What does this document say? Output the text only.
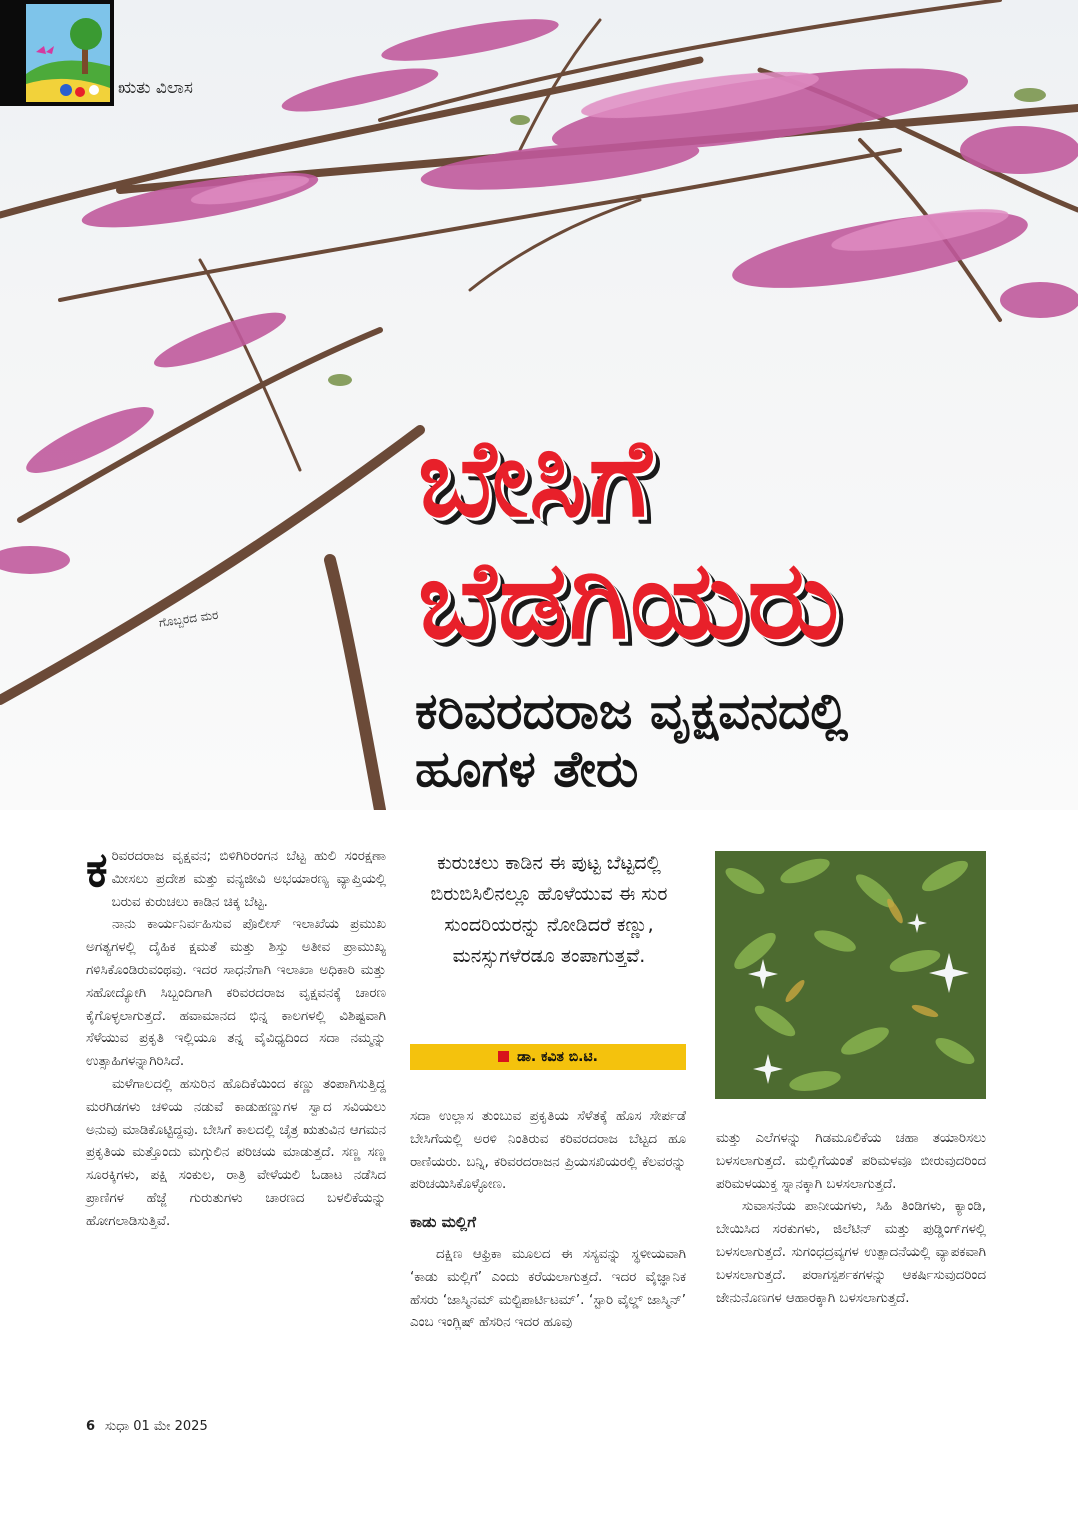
ಋತು ವಿಲಾಸ
ಗೊಬ್ಬರದ ಮರ
ಬೇಸಿಗೆ
ಬೆಡಗಿಯರು
ಕರಿವರದರಾಜ ವೃಕ್ಷವನದಲ್ಲಿ
ಹೂಗಳ ತೇರು

ಕರಿವರದರಾಜ ವೃಕ್ಷವನ; ಬಿಳಿಗಿರಿರಂಗನ ಬೆಟ್ಟ ಹುಲಿ ಸಂರಕ್ಷಣಾ ಮೀಸಲು ಪ್ರದೇಶ ಮತ್ತು ವನ್ಯಜೀವಿ ಅಭಯಾರಣ್ಯ ವ್ಯಾಪ್ತಿಯಲ್ಲಿ ಬರುವ ಕುರುಚಲು ಕಾಡಿನ ಚಿಕ್ಕ ಬೆಟ್ಟ.

ನಾನು ಕಾರ್ಯನಿರ್ವಹಿಸುವ ಪೊಲೀಸ್ ಇಲಾಖೆಯ ಪ್ರಮುಖ ಅಗತ್ಯಗಳಲ್ಲಿ ದೈಹಿಕ ಕ್ಷಮತೆ ಮತ್ತು ಶಿಸ್ತು ಅತೀವ ಪ್ರಾಮುಖ್ಯ ಗಳಿಸಿಕೊಂಡಿರುವಂಥವು. ಇದರ ಸಾಧನೆಗಾಗಿ ಇಲಾಖಾ ಅಧಿಕಾರಿ ಮತ್ತು ಸಹೋದ್ಯೋಗಿ ಸಿಬ್ಬಂದಿಗಾಗಿ ಕರಿವರದರಾಜ ವೃಕ್ಷವನಕ್ಕೆ ಚಾರಣ ಕೈಗೊಳ್ಳಲಾಗುತ್ತದೆ. ಹವಾಮಾನದ ಭಿನ್ನ ಕಾಲಗಳಲ್ಲಿ ವಿಶಿಷ್ಟವಾಗಿ ಸೆಳೆಯುವ ಪ್ರಕೃತಿ ಇಲ್ಲಿಯೂ ತನ್ನ ವೈವಿಧ್ಯದಿಂದ ಸದಾ ನಮ್ಮನ್ನು ಉತ್ಸಾಹಿಗಳನ್ನಾಗಿರಿಸಿದೆ.

ಮಳೆಗಾಲದಲ್ಲಿ ಹಸುರಿನ ಹೊದಿಕೆಯಿಂದ ಕಣ್ಣು ತಂಪಾಗಿಸುತ್ತಿದ್ದ ಮರಗಿಡಗಳು ಚಳಿಯ ನಡುವೆ ಕಾಡುಹಣ್ಣುಗಳ ಸ್ವಾದ ಸವಿಯಲು ಅನುವು ಮಾಡಿಕೊಟ್ಟಿದ್ದವು. ಬೇಸಿಗೆ ಕಾಲದಲ್ಲಿ ಚೈತ್ರ ಋತುವಿನ ಆಗಮನ ಪ್ರಕೃತಿಯ ಮತ್ತೊಂದು ಮಗ್ಗುಲಿನ ಪರಿಚಯ ಮಾಡುತ್ತದೆ. ಸಣ್ಣ ಸಣ್ಣ ಸೂರಕ್ಕಿಗಳು, ಪಕ್ಷಿ ಸಂಕುಲ, ರಾತ್ರಿ ವೇಳೆಯಲಿ ಓಡಾಟ ನಡೆಸಿದ ಪ್ರಾಣಿಗಳ ಹೆಜ್ಜೆ ಗುರುತುಗಳು ಚಾರಣದ ಬಳಲಿಕೆಯನ್ನು ಹೋಗಲಾಡಿಸುತ್ತಿವೆ.

ಕುರುಚಲು ಕಾಡಿನ ಈ ಪುಟ್ಟ ಬೆಟ್ಟದಲ್ಲಿ ಬಿರುಬಿಸಿಲಿನಲ್ಲೂ ಹೊಳೆಯುವ ಈ ಸುರ ಸುಂದರಿಯರನ್ನು ನೋಡಿದರೆ ಕಣ್ಣು, ಮನಸ್ಸುಗಳೆರಡೂ ತಂಪಾಗುತ್ತವೆ.
ಡಾ. ಕವಿತ ಬಿ.ಟಿ.

ಸದಾ ಉಲ್ಲಾಸ ತುಂಬುವ ಪ್ರಕೃತಿಯ ಸೆಳೆತಕ್ಕೆ ಹೊಸ ಸೇರ್ಪಡೆ ಬೇಸಿಗೆಯಲ್ಲಿ ಅರಳಿ ನಿಂತಿರುವ ಕರಿವರದರಾಜ ಬೆಟ್ಟದ ಹೂ ರಾಣಿಯರು. ಬನ್ನಿ, ಕರಿವರದರಾಜನ ಪ್ರಿಯಸಖಿಯರಲ್ಲಿ ಕೆಲವರನ್ನು ಪರಿಚಯಿಸಿಕೊಳ್ಳೋಣ.

ಕಾಡು ಮಲ್ಲಿಗೆ

ದಕ್ಷಿಣ ಆಫ್ರಿಕಾ ಮೂಲದ ಈ ಸಸ್ಯವನ್ನು ಸ್ಥಳೀಯವಾಗಿ ‘ಕಾಡು ಮಲ್ಲಿಗೆ’ ಎಂದು ಕರೆಯಲಾಗುತ್ತದೆ. ಇದರ ವೈಜ್ಞಾನಿಕ ಹೆಸರು ‘ಜಾಸ್ಮಿನಮ್ ಮಲ್ಟಿಪಾರ್ಟಿಟಮ್’. ‘ಸ್ಟಾರಿ ವೈಲ್ಡ್ ಜಾಸ್ಮಿನ್’ ಎಂಬ ಇಂಗ್ಲಿಷ್ ಹೆಸರಿನ ಇದರ ಹೂವು

ಮತ್ತು ಎಲೆಗಳನ್ನು ಗಿಡಮೂಲಿಕೆಯ ಚಹಾ ತಯಾರಿಸಲು ಬಳಸಲಾಗುತ್ತದೆ. ಮಲ್ಲಿಗೆಯಂತೆ ಪರಿಮಳವೂ ಬೀರುವುದರಿಂದ ಪರಿಮಳಯುಕ್ತ ಸ್ನಾನಕ್ಕಾಗಿ ಬಳಸಲಾಗುತ್ತದೆ.

ಸುವಾಸನೆಯ ಪಾನೀಯಗಳು, ಸಿಹಿ ತಿಂಡಿಗಳು, ಕ್ಯಾಂಡಿ, ಬೇಯಿಸಿದ ಸರಕುಗಳು, ಜಿಲೆಟಿನ್ ಮತ್ತು ಪುಡ್ಡಿಂಗ್‌ಗಳಲ್ಲಿ ಬಳಸಲಾಗುತ್ತದೆ. ಸುಗಂಧದ್ರವ್ಯಗಳ ಉತ್ಪಾದನೆಯಲ್ಲಿ ವ್ಯಾಪಕವಾಗಿ ಬಳಸಲಾಗುತ್ತದೆ. ಪರಾಗಸ್ಪರ್ಶಕಗಳನ್ನು ಆಕರ್ಷಿಸುವುದರಿಂದ ಜೇನುನೊಣಗಳ ಆಹಾರಕ್ಕಾಗಿ ಬಳಸಲಾಗುತ್ತದೆ.

6 ಸುಧಾ 01 ಮೇ 2025
